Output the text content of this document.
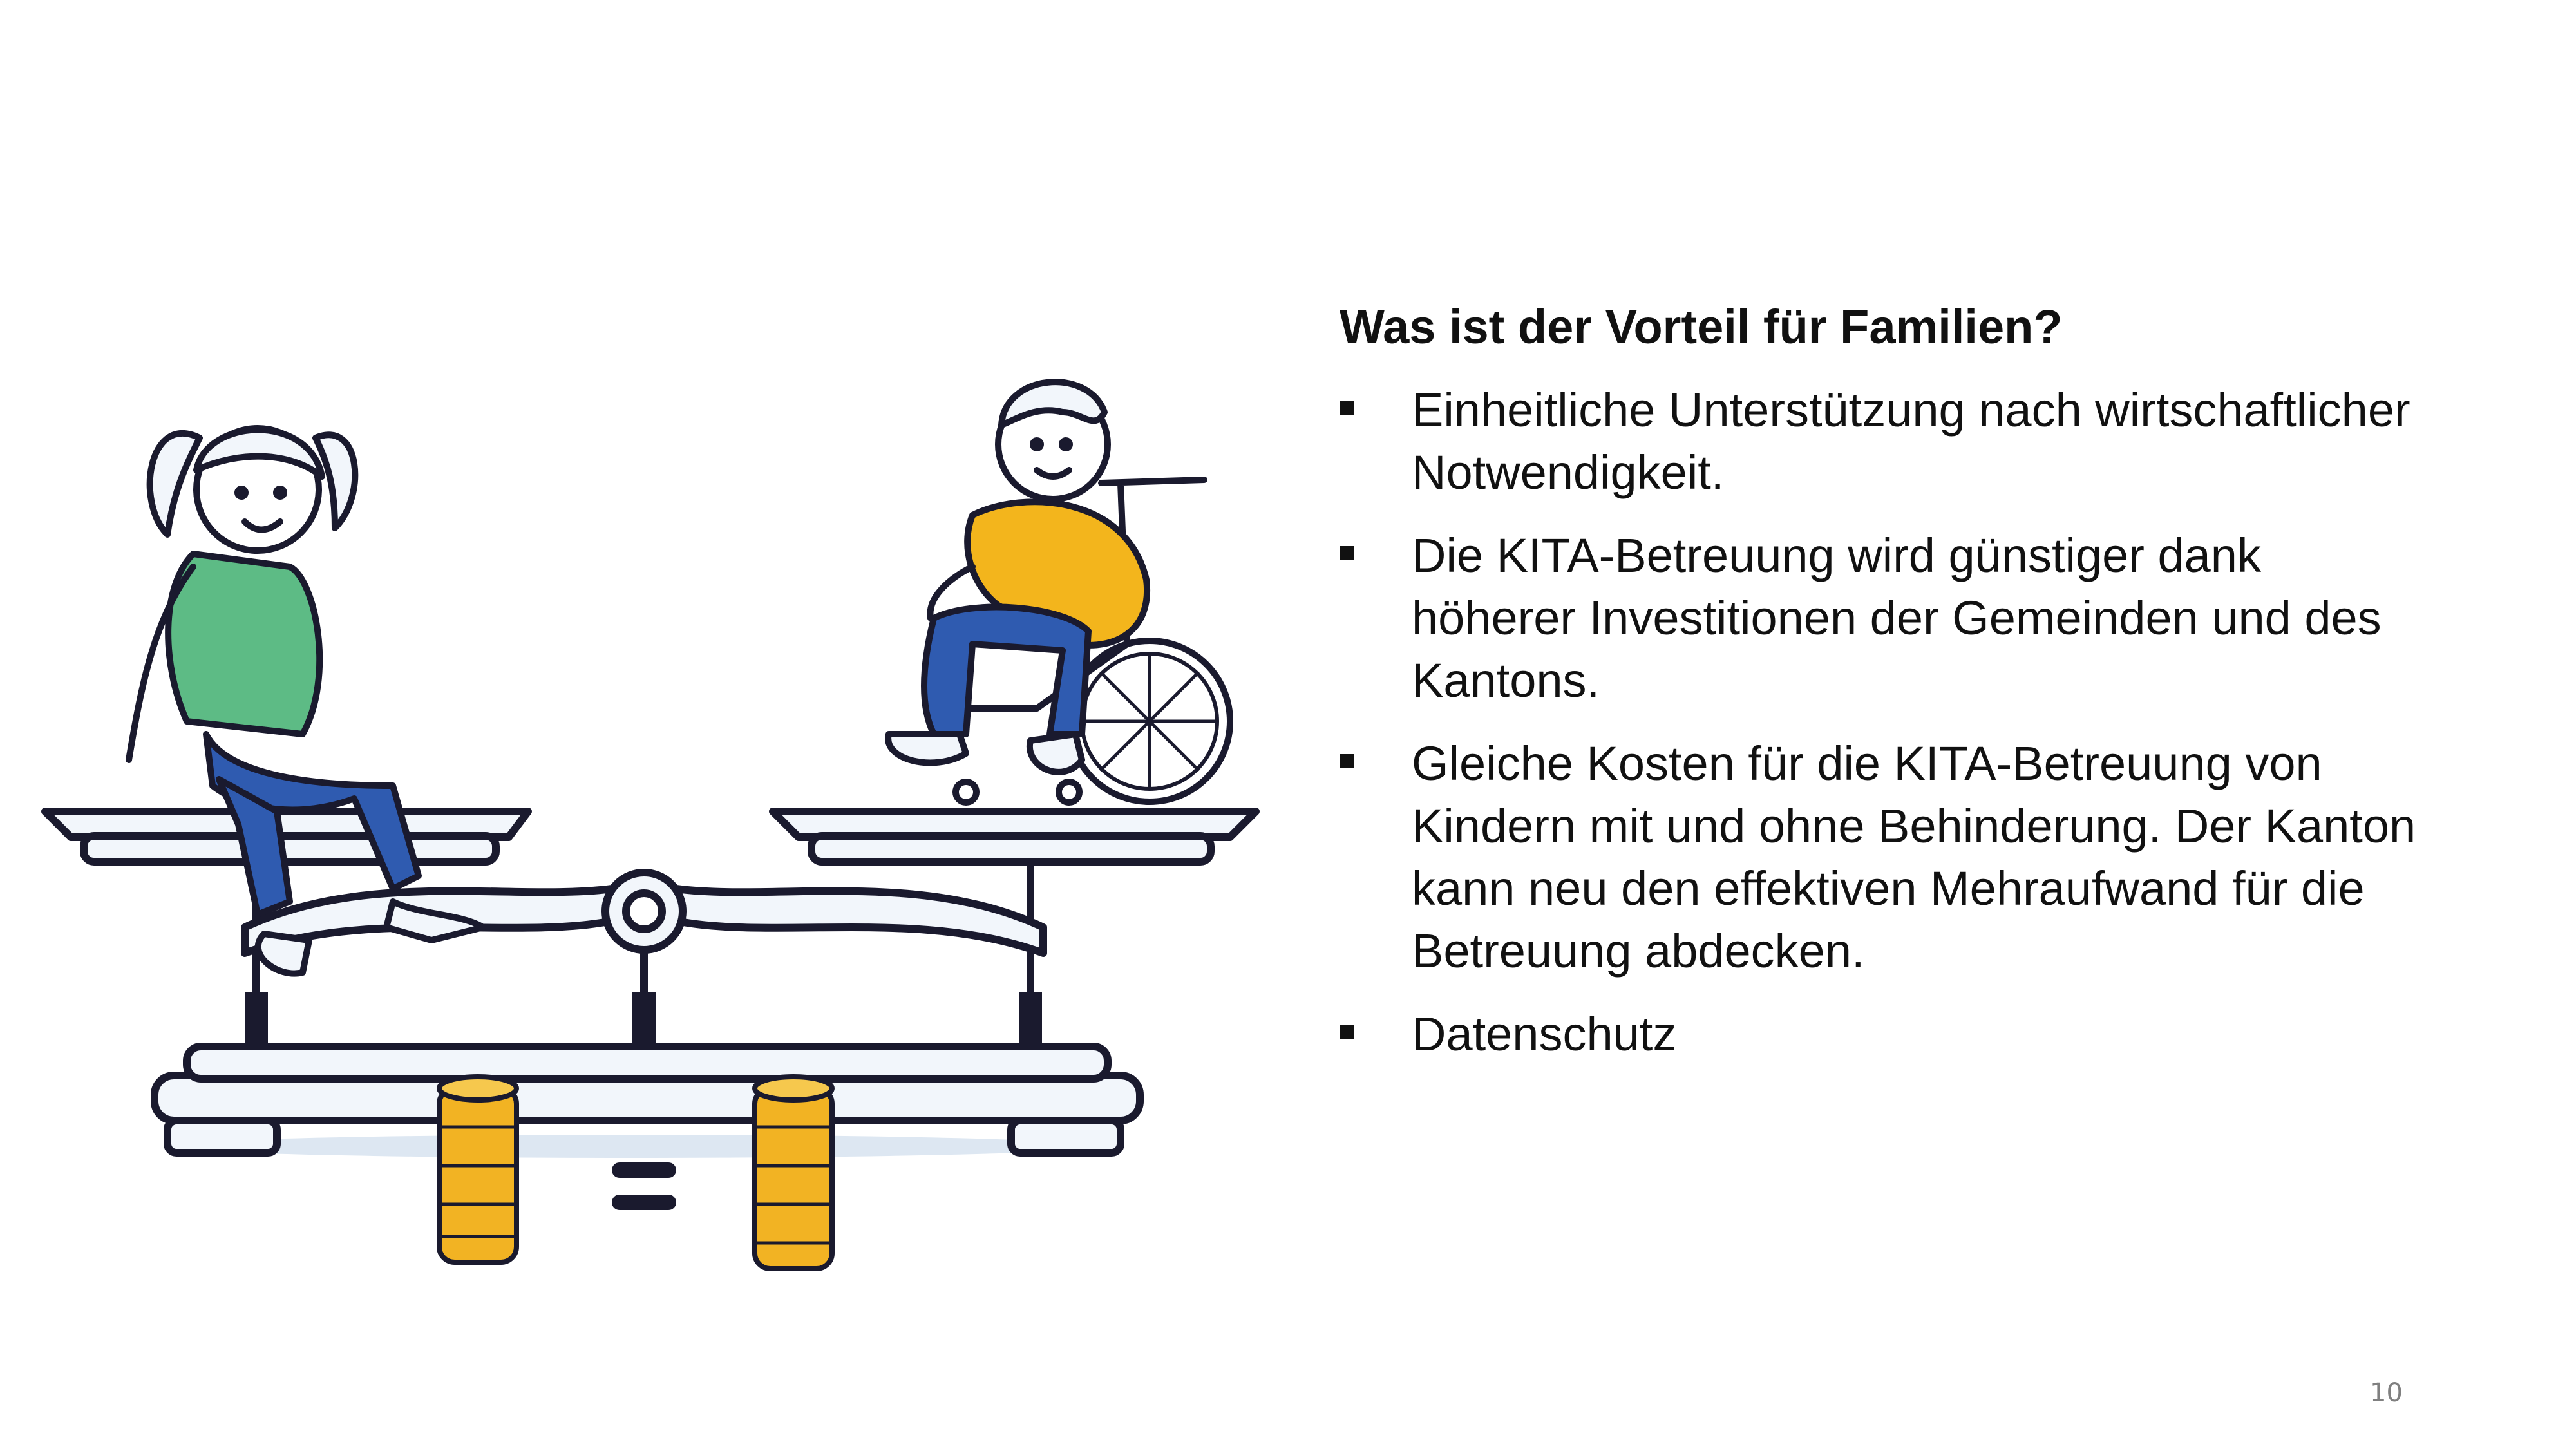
Was ist der Vorteil für Familien?
Einheitliche Unterstützung nach wirtschaftlicher Notwendigkeit.
Die KITA-Betreuung wird günstiger dank höherer Investitionen der Gemeinden und des Kantons.
Gleiche Kosten für die KITA-Betreuung von Kindern mit und ohne Behinderung. Der Kanton kann neu den effektiven Mehraufwand für die Betreuung abdecken.
Datenschutz
10
